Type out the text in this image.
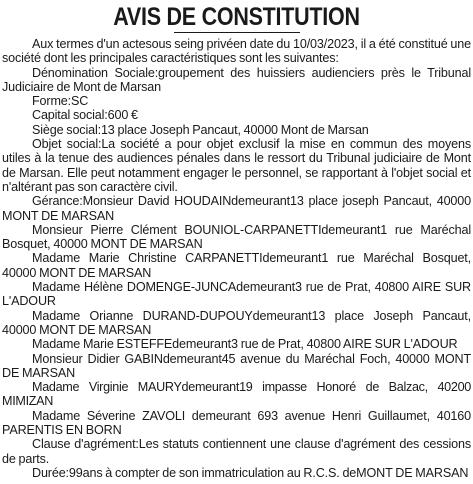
AVIS DE CONSTITUTION

Aux termes d'un actesous seing privéen date du 10/03/2023, il a été constitué une société dont les principales caractéristiques sont les suivantes:

Dénomination Sociale:groupement des huissiers audienciers près le Tribunal Judiciaire de Mont de Marsan

Forme:SC

Capital social:600 €

Siège social:13 place Joseph Pancaut, 40000 Mont de Marsan

Objet social:La société a pour objet exclusif la mise en commun des moyens utiles à la tenue des audiences pénales dans le ressort du Tribunal judiciaire de Mont de Marsan. Elle peut notamment engager le personnel, se rapportant à l'objet social et n'altérant pas son caractère civil.

Gérance:Monsieur David HOUDAINdemeurant13 place joseph Pancaut, 40000 MONT DE MARSAN

Monsieur Pierre Clément BOUNIOL-CARPANETTIdemeurant1 rue Maréchal Bosquet, 40000 MONT DE MARSAN

Madame Marie Christine CARPANETTIdemeurant1 rue Maréchal Bosquet, 40000 MONT DE MARSAN

Madame Hélène DOMENGE-JUNCAdemeurant3 rue de Prat, 40800 AIRE SUR L'ADOUR

Madame Orianne DURAND-DUPOUYdemeurant13 place Joseph Pancaut, 40000 MONT DE MARSAN

Madame Marie ESTEFFEdemeurant3 rue de Prat, 40800 AIRE SUR L'ADOUR

Monsieur Didier GABINdemeurant45 avenue du Maréchal Foch, 40000 MONT DE MARSAN

Madame Virginie MAURYdemeurant19 impasse Honoré de Balzac, 40200 MIMIZAN

Madame Séverine ZAVOLI demeurant 693 avenue Henri Guillaumet, 40160 PARENTIS EN BORN

Clause d'agrément:Les statuts contiennent une clause d'agrément des cessions de parts.

Durée:99ans à compter de son immatriculation au R.C.S. deMONT DE MARSAN
